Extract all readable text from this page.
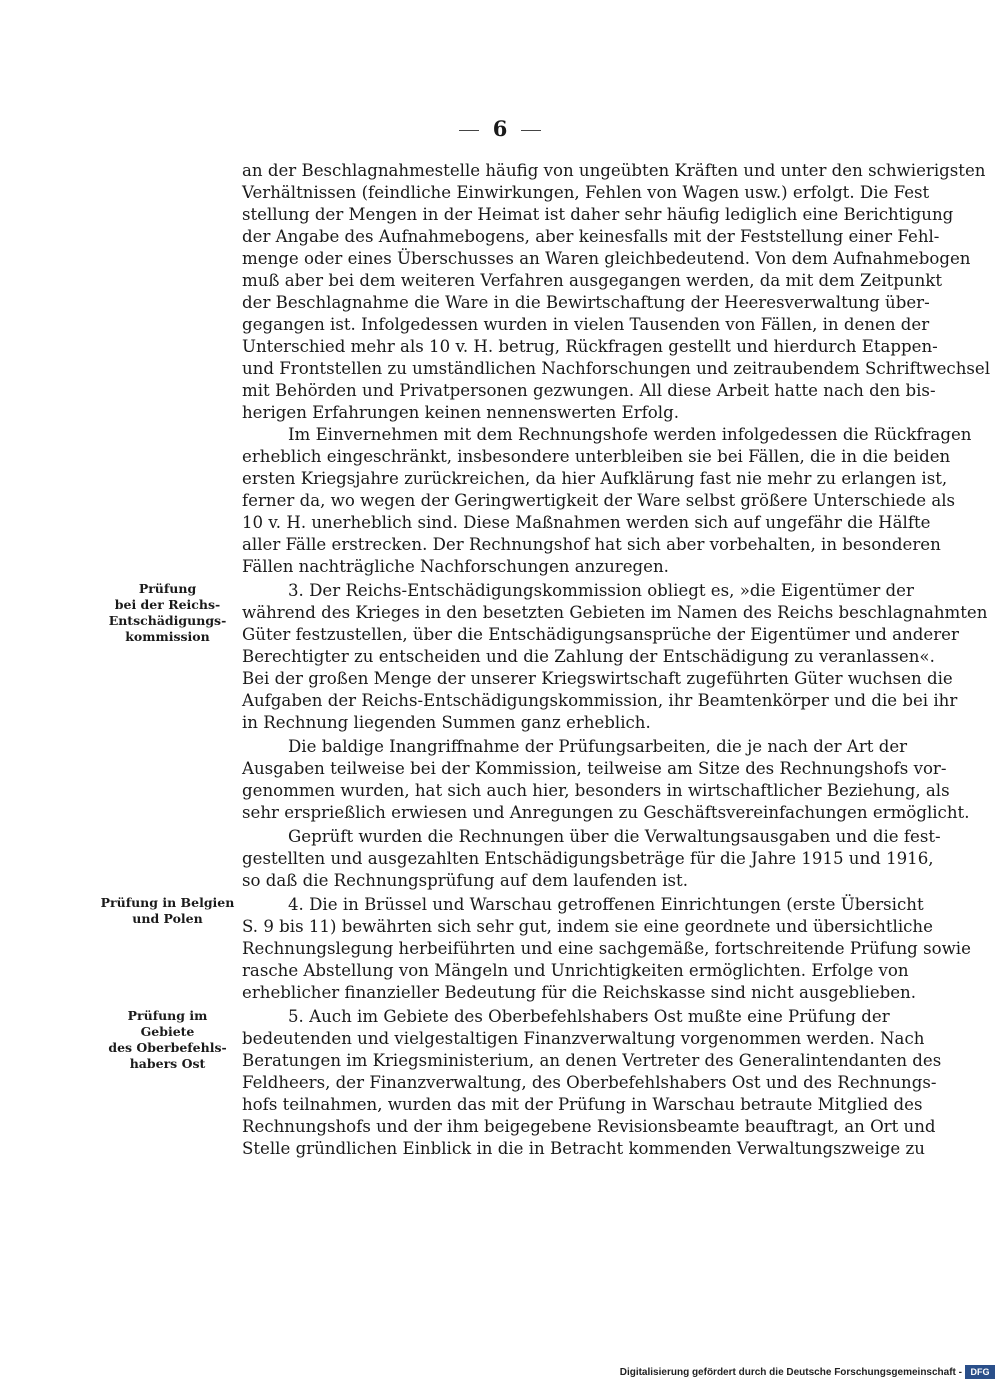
6
an der Beschlagnahmestelle häufig von ungeübten Kräften und unter den schwierigsten
Verhältnissen (feindliche Einwirkungen, Fehlen von Wagen usw.) erfolgt. Die Fest
stellung der Mengen in der Heimat ist daher sehr häufig lediglich eine Berichtigung
der Angabe des Aufnahmebogens, aber keinesfalls mit der Feststellung einer Fehl-
menge oder eines Überschusses an Waren gleichbedeutend. Von dem Aufnahmebogen
muß aber bei dem weiteren Verfahren ausgegangen werden, da mit dem Zeitpunkt
der Beschlagnahme die Ware in die Bewirtschaftung der Heeresverwaltung über-
gegangen ist. Infolgedessen wurden in vielen Tausenden von Fällen, in denen der
Unterschied mehr als 10 v. H. betrug, Rückfragen gestellt und hierdurch Etappen-
und Frontstellen zu umständlichen Nachforschungen und zeitraubendem Schriftwechsel
mit Behörden und Privatpersonen gezwungen. All diese Arbeit hatte nach den bis-
herigen Erfahrungen keinen nennenswerten Erfolg.
Im Einvernehmen mit dem Rechnungshofe werden infolgedessen die Rückfragen
erheblich eingeschränkt, insbesondere unterbleiben sie bei Fällen, die in die beiden
ersten Kriegsjahre zurückreichen, da hier Aufklärung fast nie mehr zu erlangen ist,
ferner da, wo wegen der Geringwertigkeit der Ware selbst größere Unterschiede als
10 v. H. unerheblich sind. Diese Maßnahmen werden sich auf ungefähr die Hälfte
aller Fälle erstrecken. Der Rechnungshof hat sich aber vorbehalten, in besonderen
Fällen nachträgliche Nachforschungen anzuregen.
3. Der Reichs-Entschädigungskommission obliegt es, »die Eigentümer der
während des Krieges in den besetzten Gebieten im Namen des Reichs beschlagnahmten
Güter festzustellen, über die Entschädigungsansprüche der Eigentümer und anderer
Berechtigter zu entscheiden und die Zahlung der Entschädigung zu veranlassen«.
Bei der großen Menge der unserer Kriegswirtschaft zugeführten Güter wuchsen die
Aufgaben der Reichs-Entschädigungskommission, ihr Beamtenkörper und die bei ihr
in Rechnung liegenden Summen ganz erheblich.
Die baldige Inangriffnahme der Prüfungsarbeiten, die je nach der Art der
Ausgaben teilweise bei der Kommission, teilweise am Sitze des Rechnungshofs vor-
genommen wurden, hat sich auch hier, besonders in wirtschaftlicher Beziehung, als
sehr ersprießlich erwiesen und Anregungen zu Geschäftsvereinfachungen ermöglicht.
Geprüft wurden die Rechnungen über die Verwaltungsausgaben und die fest-
gestellten und ausgezahlten Entschädigungsbeträge für die Jahre 1915 und 1916,
so daß die Rechnungsprüfung auf dem laufenden ist.
4. Die in Brüssel und Warschau getroffenen Einrichtungen (erste Übersicht
S. 9 bis 11) bewährten sich sehr gut, indem sie eine geordnete und übersichtliche
Rechnungslegung herbeiführten und eine sachgemäße, fortschreitende Prüfung sowie
rasche Abstellung von Mängeln und Unrichtigkeiten ermöglichten. Erfolge von
erheblicher finanzieller Bedeutung für die Reichskasse sind nicht ausgeblieben.
5. Auch im Gebiete des Oberbefehlshabers Ost mußte eine Prüfung der
bedeutenden und vielgestaltigen Finanzverwaltung vorgenommen werden. Nach
Beratungen im Kriegsministerium, an denen Vertreter des Generalintendanten des
Feldheers, der Finanzverwaltung, des Oberbefehlshabers Ost und des Rechnungs-
hofs teilnahmen, wurden das mit der Prüfung in Warschau betraute Mitglied des
Rechnungshofs und der ihm beigegebene Revisionsbeamte beauftragt, an Ort und
Stelle gründlichen Einblick in die in Betracht kommenden Verwaltungszweige zu
Prüfung
bei der Reichs-
Entschädigungs-
kommission
Prüfung in Belgien
und Polen
Prüfung im Gebiete
des Oberbefehls-
habers Ost
Digitalisierung gefördert durch die Deutsche Forschungsgemeinschaft - DFG
